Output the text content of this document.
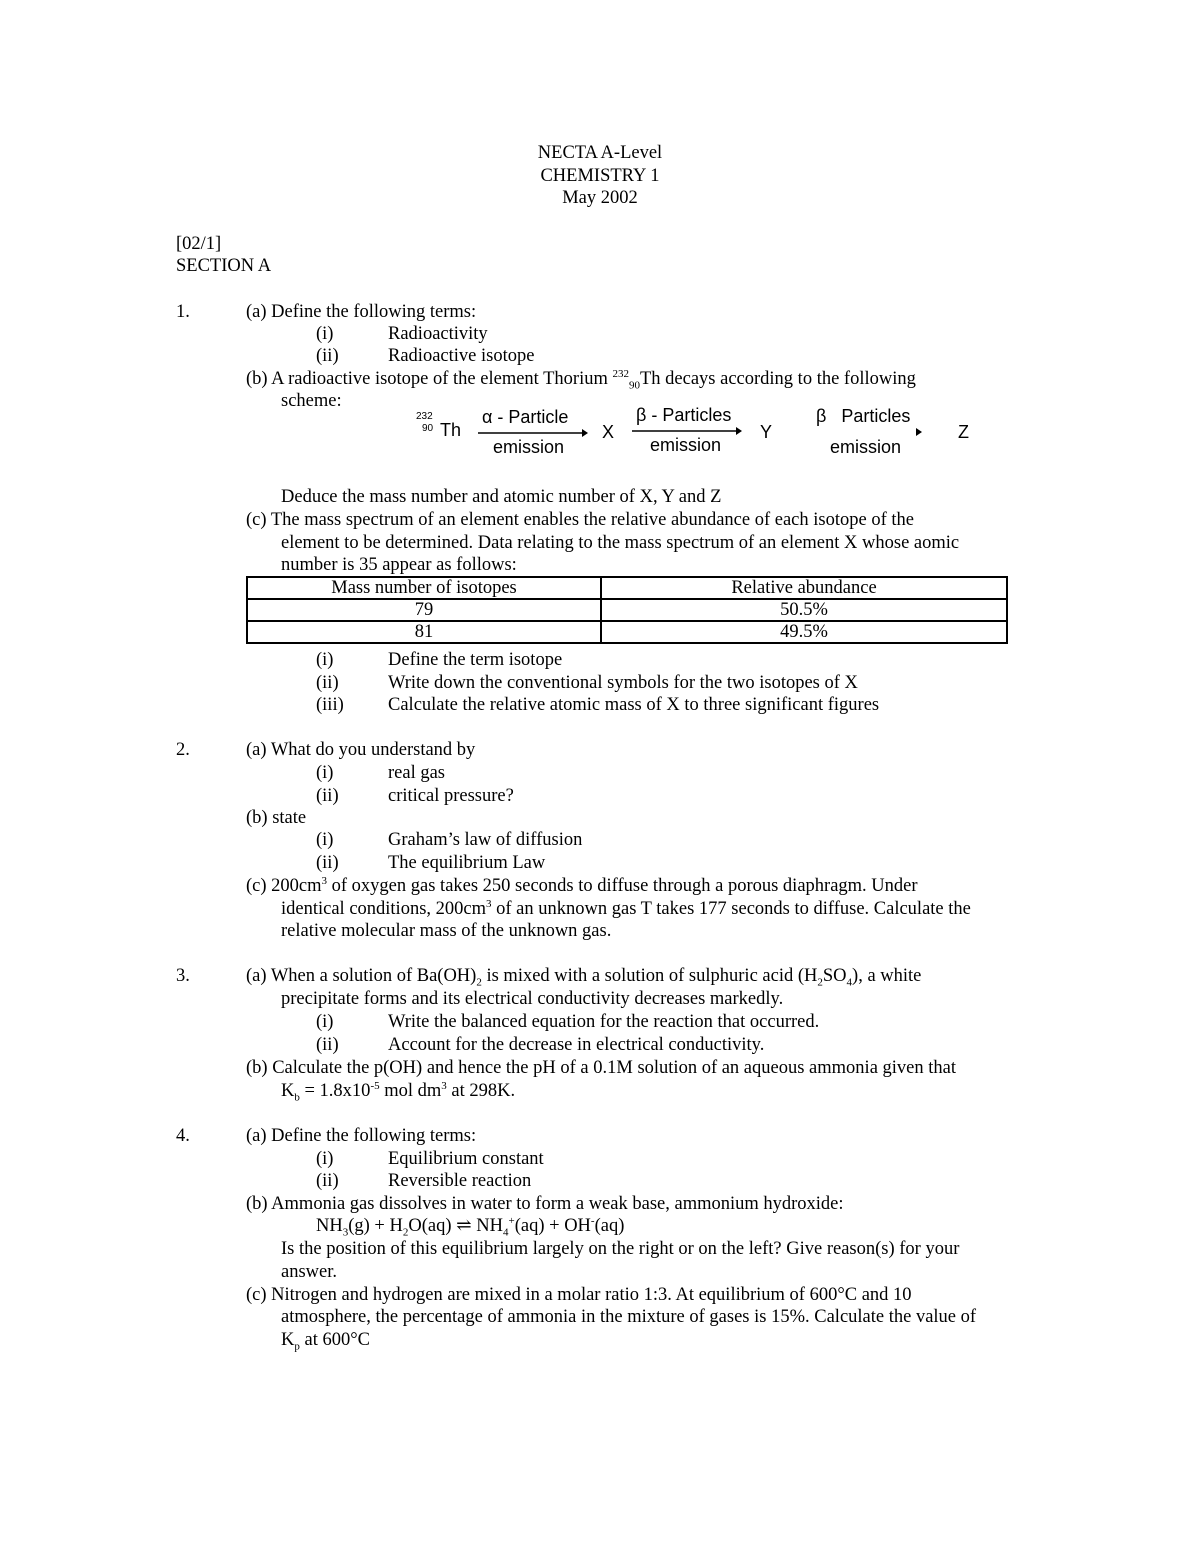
NECTA A-Level
CHEMISTRY 1
May 2002
[02/1]
SECTION A
1.	(a) Define the following terms:
(i)	Radioactivity
(ii)	Radioactive isotope
(b) A radioactive isotope of the element Thorium $^{232}_{90}$Th decays according to the following
scheme:
232
90 Th
α - Particle
emission
X
β - Particles
emission
Y
β   Particles
emission
Z
Deduce the mass number and atomic number of X, Y and Z
(c) The mass spectrum of an element enables the relative abundance of each isotope of the
element to be determined. Data relating to the mass spectrum of an element X whose aomic
number is 35 appear as follows:
Mass number of isotopes	Relative abundance
79	50.5%
81	49.5%
(i)	Define the term isotope
(ii)	Write down the conventional symbols for the two isotopes of X
(iii) Calculate the relative atomic mass of X to three significant figures
2.	(a) What do you understand by
(i)	real gas
(ii)	critical pressure?
(b) state
(i)	Graham’s law of diffusion
(ii)	The equilibrium Law
(c) $200cm^3$ of oxygen gas takes 250 seconds to diffuse through a porous diaphragm. Under
identical conditions, $200cm^3$ of an unknown gas T takes 177 seconds to diffuse. Calculate the
relative molecular mass of the unknown gas.
3.	(a) When a solution of $Ba(OH)_2$ is mixed with a solution of sulphuric acid $(H_2SO_4)$, a white
precipitate forms and its electrical conductivity decreases markedly.
(i)	Write the balanced equation for the reaction that occurred.
(ii)	Account for the decrease in electrical conductivity.
(b) Calculate the p(OH) and hence the pH of a 0.1M solution of an aqueous ammonia given that
$K_b = 1.8x10^{-5}$ mol $dm^3$ at 298K.
4.	(a) Define the following terms:
(i)	Equilibrium constant
(ii)	Reversible reaction
(b) Ammonia gas dissolves in water to form a weak base, ammonium hydroxide:
$NH_3(g) + H_2O(aq)$ ⇌ $NH_4^+(aq) + OH^-(aq)$
Is the position of this equilibrium largely on the right or on the left? Give reason(s) for your
answer.
(c) Nitrogen and hydrogen are mixed in a molar ratio 1:3. At equilibrium of 600°C and 10
atmosphere, the percentage of ammonia in the mixture of gases is 15%. Calculate the value of
$K_p$ at 600°C
